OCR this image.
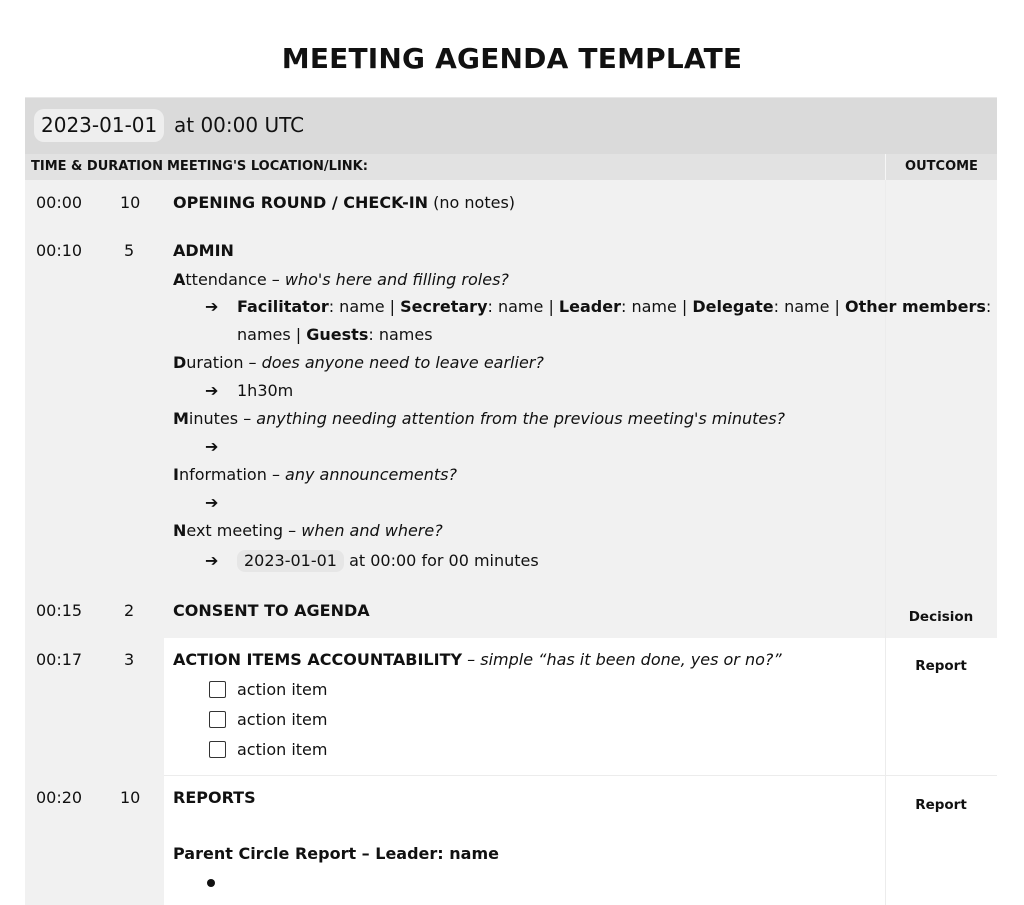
MEETING AGENDA TEMPLATE
2023-01-01 at 00:00 UTC
TIME & DURATION MEETING'S LOCATION/LINK:	OUTCOME
00:00 10 OPENING ROUND / CHECK-IN (no notes)
00:10	5 ADMIN
Attendance – who's here and filling roles?
➔ Facilitator: name | Secretary: name | Leader: name | Delegate: name | Other members:
names | Guests: names
Duration – does anyone need to leave earlier?
➔ 1h30m
Minutes – anything needing attention from the previous meeting's minutes?
➔
Information – any announcements?
➔
Next meeting – when and where?
➔	2023-01-01 at 00:00 for 00 minutes
00:15	2 CONSENT TO AGENDA	Decision
00:17	3 ACTION ITEMS ACCOUNTABILITY – simple “has it been done, yes or no?”	Report
action item
action item
action item
00:20 10 REPORTS	Report
Parent Circle Report – Leader: name
